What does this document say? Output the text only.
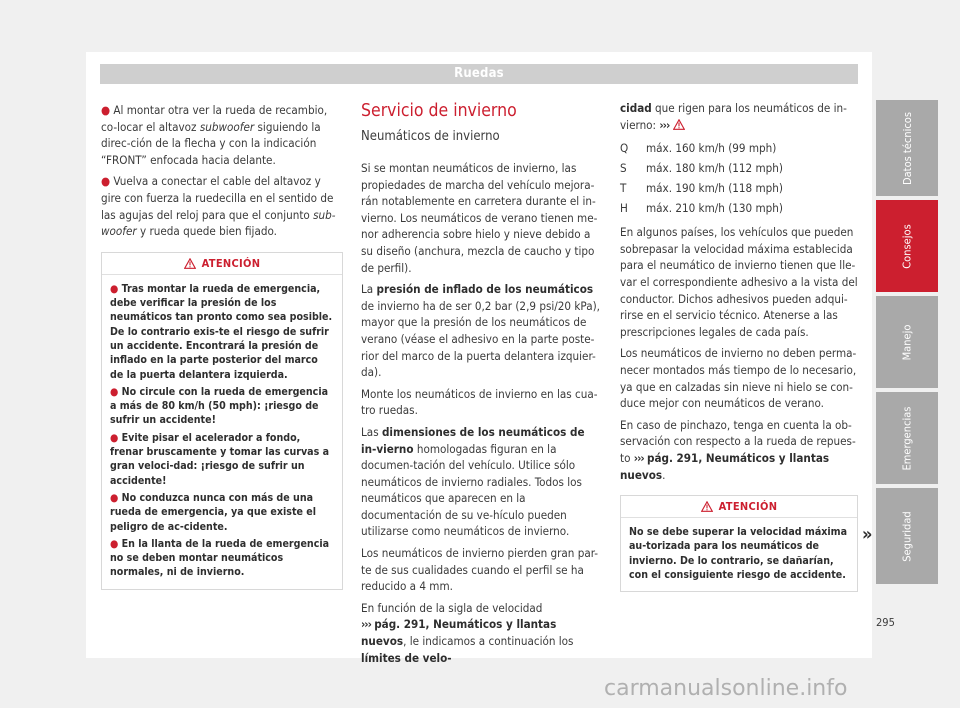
Ruedas

● Al montar otra ver la rueda de recambio, co-locar el altavoz subwoofer siguiendo la direc-ción de la flecha y con la indicación “FRONT” enfocada hacia delante.

● Vuelva a conectar el cable del altavoz y gire con fuerza la ruedecilla en el sentido de las agujas del reloj para que el conjunto sub-woofer y rueda quede bien fijado.

ATENCIÓN

● Tras montar la rueda de emergencia, debe verificar la presión de los neumáticos tan pronto como sea posible. De lo contrario exis-te el riesgo de sufrir un accidente. Encontrará la presión de inflado en la parte posterior del marco de la puerta delantera izquierda.

● No circule con la rueda de emergencia a más de 80 km/h (50 mph): ¡riesgo de sufrir un accidente!

● Evite pisar el acelerador a fondo, frenar bruscamente y tomar las curvas a gran veloci-dad: ¡riesgo de sufrir un accidente!

● No conduzca nunca con más de una rueda de emergencia, ya que existe el peligro de ac-cidente.

● En la llanta de la rueda de emergencia no se deben montar neumáticos normales, ni de invierno.

Servicio de invierno
Neumáticos de invierno

Si se montan neumáticos de invierno, las propiedades de marcha del vehículo mejora-rán notablemente en carretera durante el in-vierno. Los neumáticos de verano tienen me-nor adherencia sobre hielo y nieve debido a su diseño (anchura, mezcla de caucho y tipo de perfil).

La presión de inflado de los neumáticos de invierno ha de ser 0,2 bar (2,9 psi/20 kPa), mayor que la presión de los neumáticos de verano (véase el adhesivo en la parte poste-rior del marco de la puerta delantera izquier-da).

Monte los neumáticos de invierno en las cua-tro ruedas.

Las dimensiones de los neumáticos de in-vierno homologadas figuran en la documen-tación del vehículo. Utilice sólo neumáticos de invierno radiales. Todos los neumáticos que aparecen en la documentación de su ve-hículo pueden utilizarse como neumáticos de invierno.

Los neumáticos de invierno pierden gran par-te de sus cualidades cuando el perfil se ha reducido a 4 mm.

En función de la sigla de velocidad
››› pág. 291, Neumáticos y llantas nuevos, le indicamos a continuación los límites de velo-

cidad que rigen para los neumáticos de in-vierno: ›››

Q	máx. 160 km/h (99 mph)
S	máx. 180 km/h (112 mph)
T	máx. 190 km/h (118 mph)
H	máx. 210 km/h (130 mph)

En algunos países, los vehículos que pueden sobrepasar la velocidad máxima establecida para el neumático de invierno tienen que lle-var el correspondiente adhesivo a la vista del conductor. Dichos adhesivos pueden adqui-rirse en el servicio técnico. Atenerse a las prescripciones legales de cada país.

Los neumáticos de invierno no deben perma-necer montados más tiempo de lo necesario, ya que en calzadas sin nieve ni hielo se con-duce mejor con neumáticos de verano.

En caso de pinchazo, tenga en cuenta la ob-servación con respecto a la rueda de repues-to ››› pág. 291, Neumáticos y llantas nuevos.

ATENCIÓN

No se debe superar la velocidad máxima au-torizada para los neumáticos de invierno. De lo contrario, se dañarían, con el consiguiente riesgo de accidente.

»
Datos técnicos
Consejos
Manejo
Emergencias
Seguridad
295
carmanualsonline.info
